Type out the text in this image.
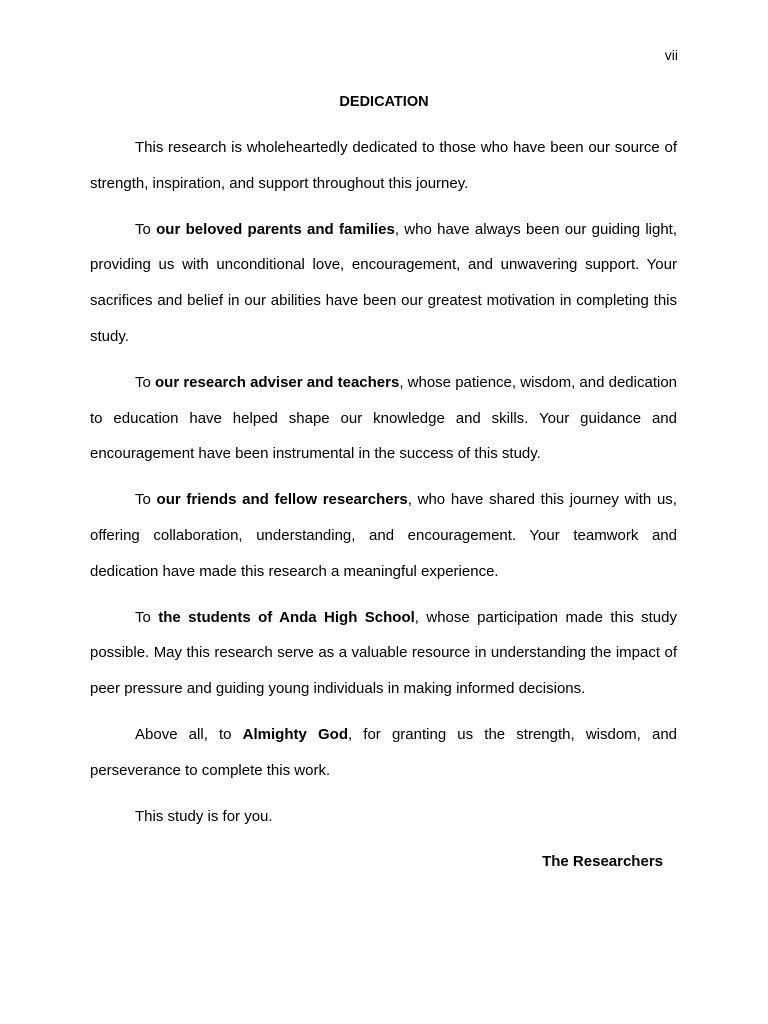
vii
DEDICATION

This research is wholeheartedly dedicated to those who have been our source of strength, inspiration, and support throughout this journey.

To our beloved parents and families, who have always been our guiding light, providing us with unconditional love, encouragement, and unwavering support. Your sacrifices and belief in our abilities have been our greatest motivation in completing this study.

To our research adviser and teachers, whose patience, wisdom, and dedication to education have helped shape our knowledge and skills. Your guidance and encouragement have been instrumental in the success of this study.

To our friends and fellow researchers, who have shared this journey with us, offering collaboration, understanding, and encouragement. Your teamwork and dedication have made this research a meaningful experience.

To the students of Anda High School, whose participation made this study possible. May this research serve as a valuable resource in understanding the impact of peer pressure and guiding young individuals in making informed decisions.

Above all, to Almighty God, for granting us the strength, wisdom, and perseverance to complete this work.

This study is for you.

The Researchers
